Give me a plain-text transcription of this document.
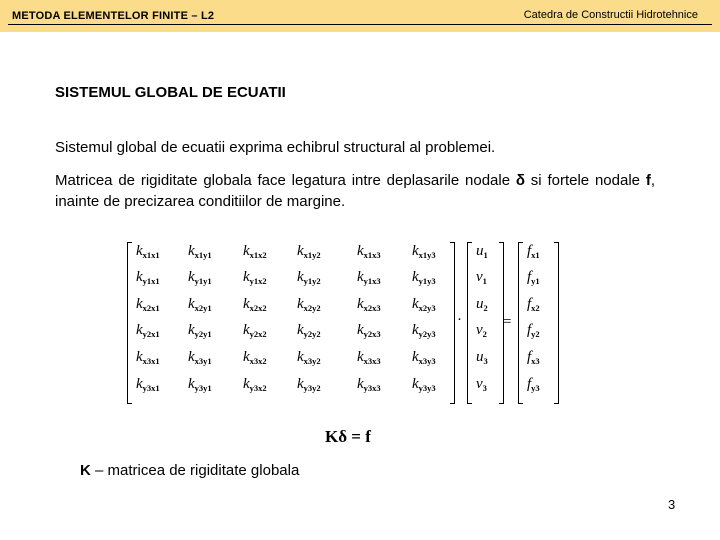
METODA ELEMENTELOR FINITE – L2	Catedra de Constructii Hidrotehnice
SISTEMUL GLOBAL DE ECUATII
Sistemul global de ecuatii exprima echibrul structural al problemei.
Matricea de rigiditate globala face legatura intre deplasarile nodale δ si fortele nodale f, inainte de precizarea conditiilor de margine.
·	=
$k_{x1x1}$ $k_{x1y1}$ $k_{x1x2}$ $k_{x1y2}$ $k_{x1x3}$ $k_{x1y3}$
$k_{y1x1}$ $k_{y1y1}$ $k_{y1x2}$ $k_{y1y2}$ $k_{y1x3}$ $k_{y1y3}$
$k_{x2x1}$ $k_{x2y1}$ $k_{x2x2}$ $k_{x2y2}$ $k_{x2x3}$ $k_{x2y3}$
$k_{y2x1}$ $k_{y2y1}$ $k_{y2x2}$ $k_{y2y2}$ $k_{y2x3}$ $k_{y2y3}$
$k_{x3x1}$ $k_{x3y1}$ $k_{x3x2}$ $k_{x3y2}$ $k_{x3x3}$ $k_{x3y3}$
$k_{y3x1}$ $k_{y3y1}$ $k_{y3x2}$ $k_{y3y2}$ $k_{y3x3}$ $k_{y3y3}$
$u_1$
$v_1$
$u_2$
$v_2$
$u_3$
$v_3$
$f_{x1}$
$f_{y1}$
$f_{x2}$
$f_{y2}$
$f_{x3}$
$f_{y3}$
Kδ = f
K – matricea de rigiditate globala
3
